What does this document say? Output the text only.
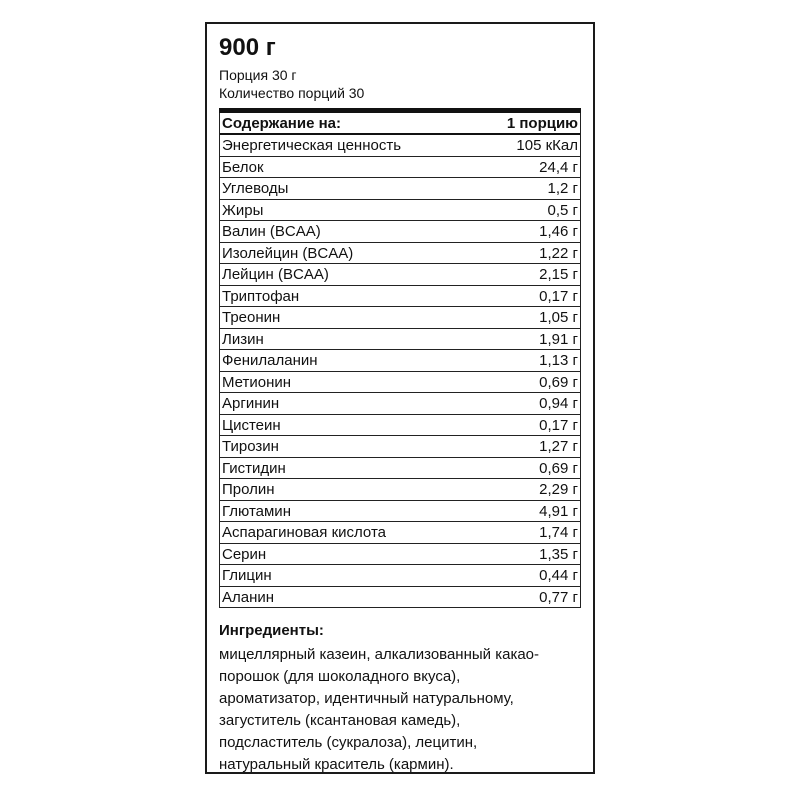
900 г
Порция 30 г
Количество порций 30
Содержание на:	1 порцию
Энергетическая ценность	105 кКал
Белок	24,4 г
Углеводы	1,2 г
Жиры	0,5 г
Валин (BCAA)	1,46 г
Изолейцин (BCAA)	1,22 г
Лейцин (BCAA)	2,15 г
Триптофан	0,17 г
Треонин	1,05 г
Лизин	1,91 г
Фенилаланин	1,13 г
Метионин	0,69 г
Аргинин	0,94 г
Цистеин	0,17 г
Тирозин	1,27 г
Гистидин	0,69 г
Пролин	2,29 г
Глютамин	4,91 г
Аспарагиновая кислота	1,74 г
Серин	1,35 г
Глицин	0,44 г
Аланин	0,77 г
Ингредиенты:
мицеллярный казеин, алкализованный какао-
порошок (для шоколадного вкуса),
ароматизатор, идентичный натуральному,
загуститель (ксантановая камедь),
подсластитель (сукралоза), лецитин,
натуральный краситель (кармин).
